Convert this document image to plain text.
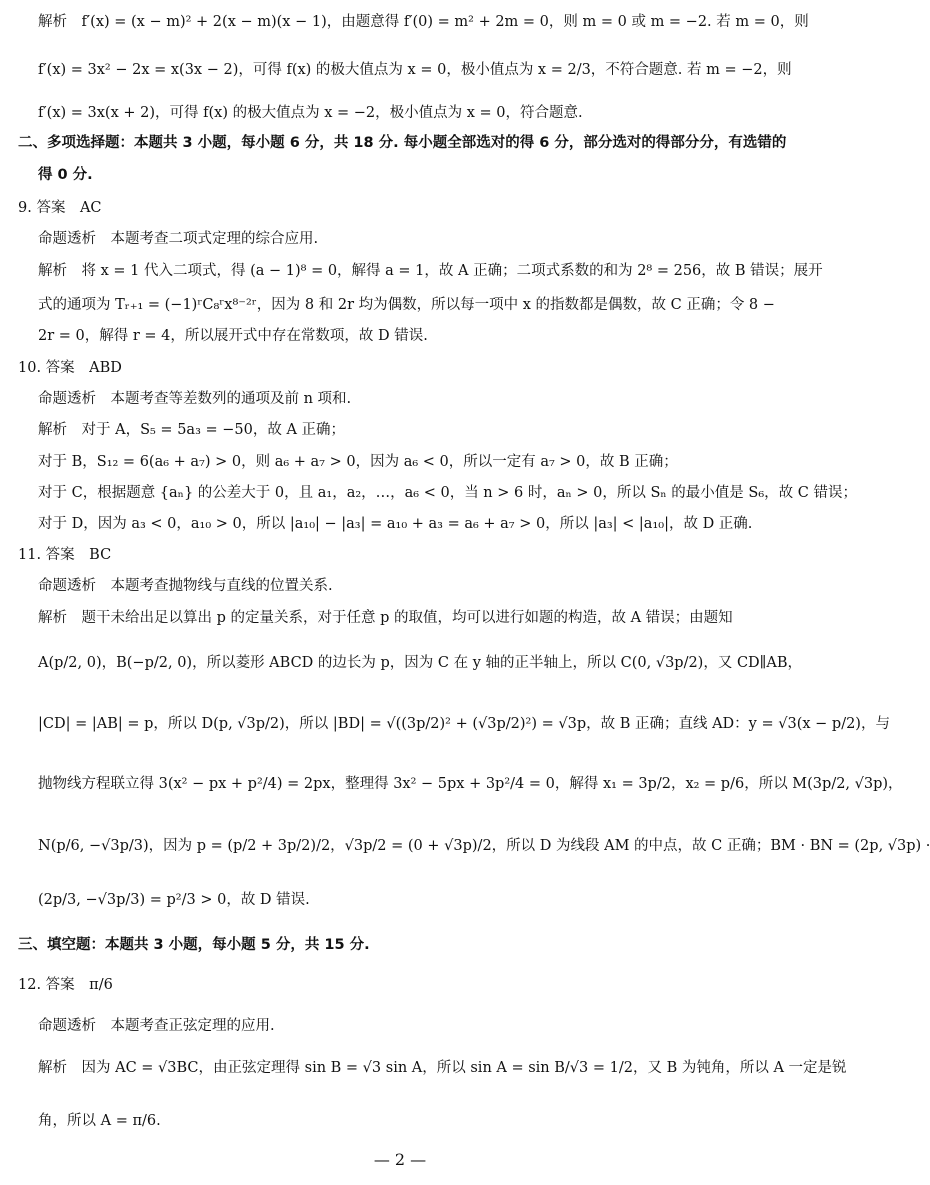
解析　f′(x) = (x − m)² + 2(x − m)(x − 1)，由题意得 f′(0) = m² + 2m = 0，则 m = 0 或 m = −2. 若 m = 0，则
f′(x) = 3x² − 2x = x(3x − 2)，可得 f(x) 的极大值点为 x = 0，极小值点为 x = 2/3，不符合题意. 若 m = −2，则
f′(x) = 3x(x + 2)，可得 f(x) 的极大值点为 x = −2，极小值点为 x = 0，符合题意.
二、多项选择题：本题共 3 小题，每小题 6 分，共 18 分. 每小题全部选对的得 6 分，部分选对的得部分分，有选错的
得 0 分.
9. 答案　AC
命题透析　本题考查二项式定理的综合应用.
解析　将 x = 1 代入二项式，得 (a − 1)⁸ = 0，解得 a = 1，故 A 正确；二项式系数的和为 2⁸ = 256，故 B 错误；展开
式的通项为 Tᵣ₊₁ = (−1)ʳC₈ʳx⁸⁻²ʳ，因为 8 和 2r 均为偶数，所以每一项中 x 的指数都是偶数，故 C 正确；令 8 −
2r = 0，解得 r = 4，所以展开式中存在常数项，故 D 错误.
10. 答案　ABD
命题透析　本题考查等差数列的通项及前 n 项和.
解析　对于 A，S₅ = 5a₃ = −50，故 A 正确；
对于 B，S₁₂ = 6(a₆ + a₇) > 0，则 a₆ + a₇ > 0，因为 a₆ < 0，所以一定有 a₇ > 0，故 B 正确；
对于 C，根据题意 {aₙ} 的公差大于 0，且 a₁，a₂，…，a₆ < 0，当 n > 6 时，aₙ > 0，所以 Sₙ 的最小值是 S₆，故 C 错误；
对于 D，因为 a₃ < 0，a₁₀ > 0，所以 |a₁₀| − |a₃| = a₁₀ + a₃ = a₆ + a₇ > 0，所以 |a₃| < |a₁₀|，故 D 正确.
11. 答案　BC
命题透析　本题考查抛物线与直线的位置关系.
解析　题干未给出足以算出 p 的定量关系，对于任意 p 的取值，均可以进行如题的构造，故 A 错误；由题知
A(p/2, 0)，B(−p/2, 0)，所以菱形 ABCD 的边长为 p，因为 C 在 y 轴的正半轴上，所以 C(0, √3p/2)，又 CD∥AB，
|CD| = |AB| = p，所以 D(p, √3p/2)，所以 |BD| = √((3p/2)² + (√3p/2)²) = √3p，故 B 正确；直线 AD：y = √3(x − p/2)，与
抛物线方程联立得 3(x² − px + p²/4) = 2px，整理得 3x² − 5px + 3p²/4 = 0，解得 x₁ = 3p/2，x₂ = p/6，所以 M(3p/2, √3p)，
N(p/6, −√3p/3)，因为 p = (p/2 + 3p/2)/2，√3p/2 = (0 + √3p)/2，所以 D 为线段 AM 的中点，故 C 正确；BM · BN = (2p, √3p) ·
(2p/3, −√3p/3) = p²/3 > 0，故 D 错误.
三、填空题：本题共 3 小题，每小题 5 分，共 15 分.
12. 答案　π/6
命题透析　本题考查正弦定理的应用.
解析　因为 AC = √3BC，由正弦定理得 sin B = √3 sin A，所以 sin A = sin B/√3 = 1/2，又 B 为钝角，所以 A 一定是锐
角，所以 A = π/6.
— 2 —
